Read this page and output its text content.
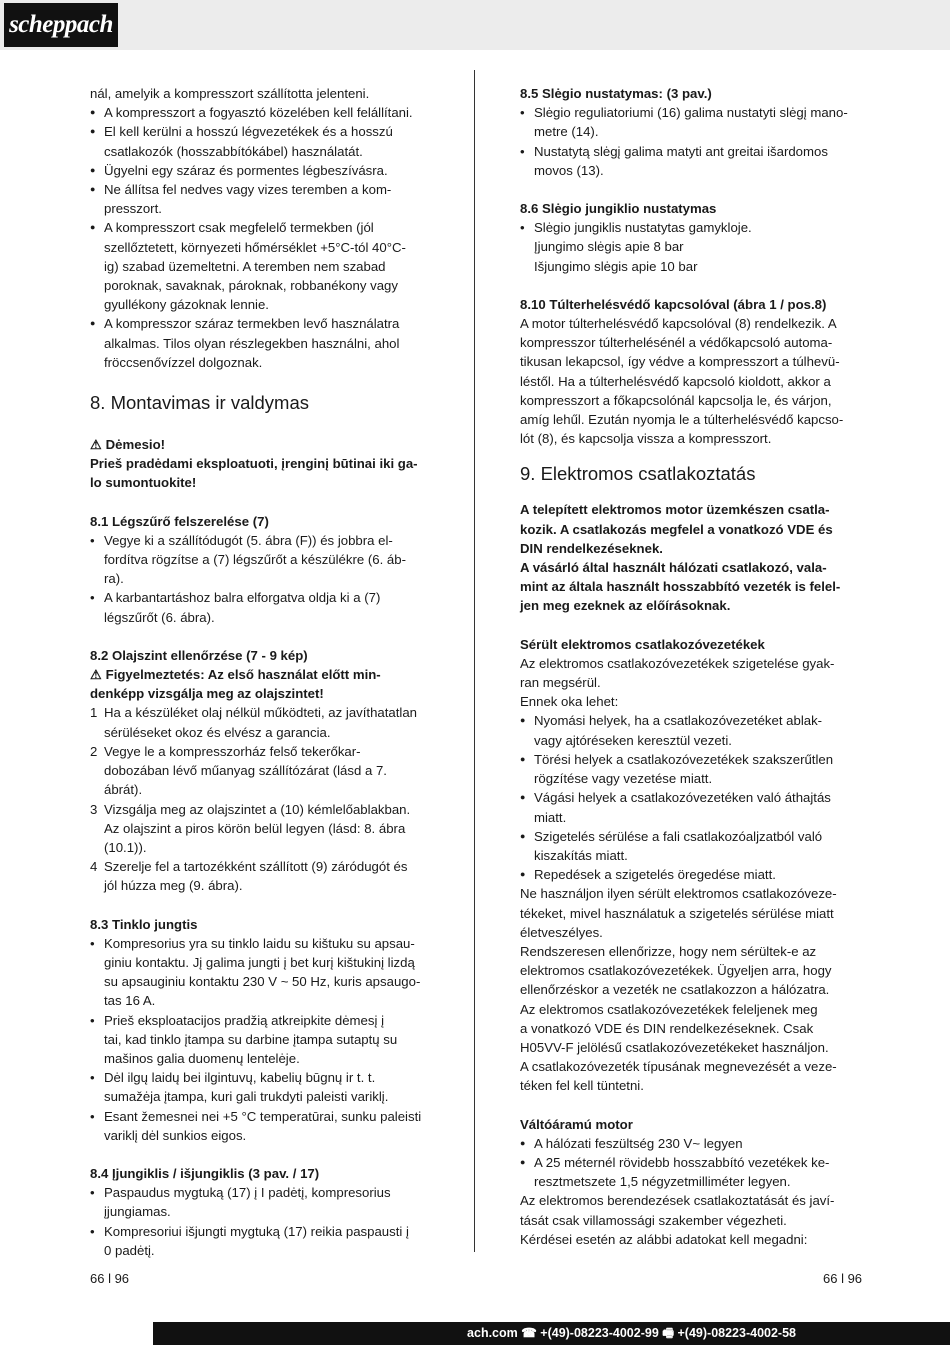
scheppach
nál, amelyik a kompresszort szállította jelenteni.
● A kompresszort a fogyasztó közelében kell felállítani.
● El kell kerülni a hosszú légvezetékek és a hosszú
csatlakozók (hosszabbítókábel) használatát.
● Ügyelni egy száraz és pormentes légbeszívásra.
● Ne állítsa fel nedves vagy vizes teremben a kom-
presszort.
● A kompresszort csak megfelelő termekben (jól
szellőztetett, környezeti hőmérséklet +5°C-tól 40°C-
ig) szabad üzemeltetni. A teremben nem szabad
poroknak, savaknak, pároknak, robbanékony vagy
gyullékony gázoknak lennie.
● A kompresszor száraz termekben levő használatra
alkalmas. Tilos olyan részlegekben használni, ahol
fröccsenővízzel dolgoznak.
8. Montavimas ir valdymas

⚠ Dėmesio!

Prieš pradėdami eksploatuoti, įrenginį būtinai iki ga-
lo sumontuokite!

8.1 Légszűrő felszerelése (7)

• Vegye ki a szállítódugót (5. ábra (F)) és jobbra el-
fordítva rögzítse a (7) légszűrőt a készülékre (6. áb-
ra).
• A karbantartáshoz balra elforgatva oldja ki a (7)
légszűrőt (6. ábra).

8.2 Olajszint ellenőrzése (7 - 9 kép)

⚠ Figyelmeztetés: Az első használat előtt min-
denképp vizsgálja meg az olajszintet!
1 Ha a készüléket olaj nélkül működteti, az javíthatatlan
sérüléseket okoz és elvész a garancia.
2 Vegye le a kompresszorház felső tekerőkar-
dobozában lévő műanyag szállítózárat (lásd a 7.
ábrát).
3 Vizsgálja meg az olajszintet a (10) kémlelőablakban.
Az olajszint a piros körön belül legyen (lásd: 8. ábra
(10.1)).
4 Szerelje fel a tartozékként szállított (9) záródugót és
jól húzza meg (9. ábra).

8.3 Tinklo jungtis

• Kompresorius yra su tinklo laidu su kištuku su apsau-
giniu kontaktu. Jį galima jungti į bet kurį kištukinį lizdą
su apsauginiu kontaktu 230 V ~ 50 Hz, kuris apsaugo-
tas 16 A.
• Prieš eksploatacijos pradžią atkreipkite dėmesį į
tai, kad tinklo įtampa su darbine įtampa sutaptų su
mašinos galia duomenų lentelėje.
• Dėl ilgų laidų bei ilgintuvų, kabelių būgnų ir t. t.
sumažėja įtampa, kuri gali trukdyti paleisti variklį.
• Esant žemesnei nei +5 °C temperatūrai, sunku paleisti
variklį dėl sunkios eigos.

8.4 Įjungiklis / išjungiklis (3 pav. / 17)

• Paspaudus mygtuką (17) į I padėtį, kompresorius
įjungiamas.
• Kompresoriui išjungti mygtuką (17) reikia paspausti į
0 padėtį.

8.5 Slėgio nustatymas: (3 pav.)

• Slėgio reguliatoriumi (16) galima nustatyti slėgį mano-
metre (14).
• Nustatytą slėgį galima matyti ant greitai išardomos
movos (13).

8.6 Slėgio jungiklio nustatymas

• Slėgio jungiklis nustatytas gamykloje.
Įjungimo slėgis apie 8 bar
Išjungimo slėgis apie 10 bar

8.10 Túlterhelésvédő kapcsolóval (ábra 1 / pos.8)

A motor túlterhelésvédő kapcsolóval (8) rendelkezik. A
kompresszor túlterhelésénél a védőkapcsoló automa-
tikusan lekapcsol, így védve a kompresszort a túlhevü-
léstől. Ha a túlterhelésvédő kapcsoló kioldott, akkor a
kompresszort a főkapcsolónál kapcsolja le, és várjon,
amíg lehűl. Ezután nyomja le a túlterhelésvédő kapcso-
lót (8), és kapcsolja vissza a kompresszort.
9. Elektromos csatlakoztatás
A telepített elektromos motor üzemkészen csatla-
kozik. A csatlakozás megfelel a vonatkozó VDE és
DIN rendelkezéseknek.
A vásárló által használt hálózati csatlakozó, vala-
mint az általa használt hosszabbító vezeték is felel-
jen meg ezeknek az előírásoknak.

Sérült elektromos csatlakozóvezetékek

Az elektromos csatlakozóvezetékek szigetelése gyak-
ran megsérül.
Ennek oka lehet:
● Nyomási helyek, ha a csatlakozóvezetéket ablak-
vagy ajtóréseken keresztül vezeti.
● Törési helyek a csatlakozóvezetékek szakszerűtlen
rögzítése vagy vezetése miatt.
● Vágási helyek a csatlakozóvezetéken való áthajtás
miatt.
● Szigetelés sérülése a fali csatlakozóaljzatból való
kiszakítás miatt.
● Repedések a szigetelés öregedése miatt.
Ne használjon ilyen sérült elektromos csatlakozóveze-
tékeket, mivel használatuk a szigetelés sérülése miatt
életveszélyes.
Rendszeresen ellenőrizze, hogy nem sérültek-e az
elektromos csatlakozóvezetékek. Ügyeljen arra, hogy
ellenőrzéskor a vezeték ne csatlakozzon a hálózatra.
Az elektromos csatlakozóvezetékek feleljenek meg
a vonatkozó VDE és DIN rendelkezéseknek. Csak
H05VV-F jelölésű csatlakozóvezetékeket használjon.
A csatlakozóvezeték típusának megnevezését a veze-
téken fel kell tüntetni.

Váltóáramú motor

● A hálózati feszültség 230 V~ legyen
● A 25 méternél rövidebb hosszabbító vezetékek ke-
resztmetszete 1,5 négyzetmilliméter legyen.
Az elektromos berendezések csatlakoztatását és javí-
tását csak villamossági szakember végezheti.
Kérdései esetén az alábbi adatokat kell megadni:
66 l 96	66 l 96
ach.com ☎ +(49)-08223-4002-99 🖷 +(49)-08223-4002-58
